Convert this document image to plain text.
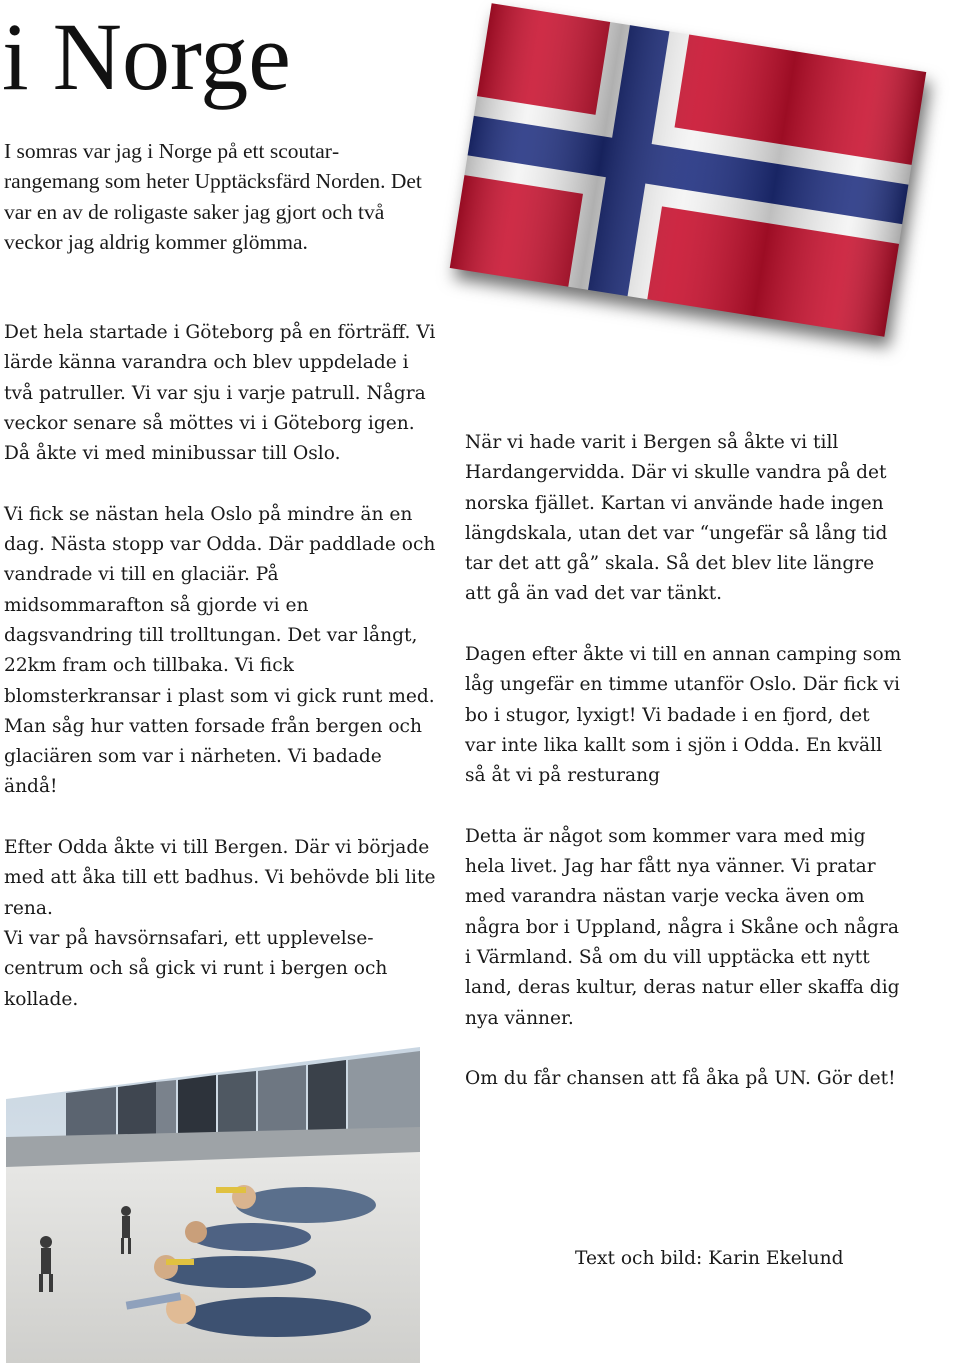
i Norge

I somras var jag i Norge på ett scoutarrangemang som heter Upptäcksfärd Norden. Det var en av de roligaste saker jag gjort och två veckor jag aldrig kommer glömma.

Det hela startade i Göteborg på en förträff. Vi lärde känna varandra och blev uppdelade i två patruller. Vi var sju i varje patrull. Några veckor senare så möttes vi i Göteborg igen. Då åkte vi med minibussar till Oslo.

Vi fick se nästan hela Oslo på mindre än en dag. Nästa stopp var Odda. Där paddlade och vandrade vi till en glaciär. På midsommarafton så gjorde vi en dagsvandring till trolltungan. Det var långt, 22km fram och tillbaka. Vi fick blomsterkransar i plast som vi gick runt med. Man såg hur vatten forsade från bergen och glaciären som var i närheten. Vi badade ändå!

Efter Odda åkte vi till Bergen. Där vi började med att åka till ett badhus. Vi behövde bli lite rena.

Vi var på havsörnsafari, ett upplevelsecentrum och så gick vi runt i bergen och kollade.

När vi hade varit i Bergen så åkte vi till Hardangervidda. Där vi skulle vandra på det norska fjället. Kartan vi använde hade ingen längdskala, utan det var “ungefär så lång tid tar det att gå” skala. Så det blev lite längre att gå än vad det var tänkt.

Dagen efter åkte vi till en annan camping som låg ungefär en timme utanför Oslo. Där fick vi bo i stugor, lyxigt! Vi badade i en fjord, det var inte lika kallt som i sjön i Odda. En kväll så åt vi på resturang

Detta är något som kommer vara med mig hela livet. Jag har fått nya vänner. Vi pratar med varandra nästan varje vecka även om några bor i Uppland, några i Skåne och några i Värmland. Så om du vill upptäcka ett nytt land, deras kultur, deras natur eller skaffa dig nya vänner.

Om du får chansen att få åka på UN. Gör det!

Text och bild: Karin Ekelund
